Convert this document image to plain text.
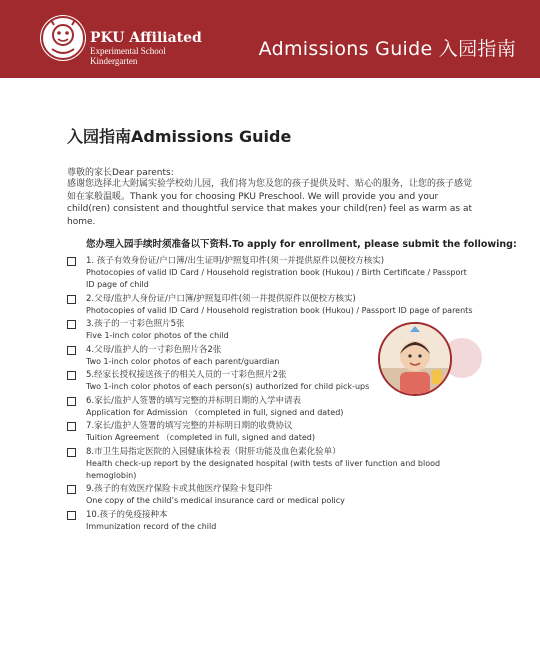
PKU Affiliated
Experimental School
Kindergarten
Admissions Guide 入园指南
入园指南Admissions Guide
尊敬的家长Dear parents:

感谢您选择北大附属实验学校幼儿园，我们将为您及您的孩子提供及时、贴心的服务，让您的孩子感觉如在家般温暖。Thank you for choosing PKU Preschool. We will provide you and your child(ren) consistent and thoughtful service that makes your child(ren) feel as warm as at home.

您办理入园手续时须准备以下资料.To apply for enrollment, please submit the following:
1. 孩子有效身份证/户口簿/出生证明/护照复印件(须一并提供原件以便校方核实)
Photocopies of valid ID Card / Household registration book (Hukou) / Birth Certificate / Passport ID page of child
2.父母/监护人身份证/户口簿/护照复印件(须一并提供原件以便校方核实)
Photocopies of valid ID Card / Household registration book (Hukou) / Passport ID page of parents
3.孩子的一寸彩色照片5张
Five 1-inch color photos of the child
4.父母/监护人的一寸彩色照片各2张
Two 1-inch color photos of each parent/guardian
5.经家长授权接送孩子的相关人员的一寸彩色照片2张
Two 1-inch color photos of each person(s) authorized for child pick-ups
6.家长/监护人签署的填写完整的并标明日期的入学申请表
Application for Admission （completed in full, signed and dated)
7.家长/监护人签署的填写完整的并标明日期的收费协议
Tuition Agreement （completed in full, signed and dated)
8.市卫生局指定医院的入园健康体检表（附肝功能及血色素化验单）
Health check-up report by the designated hospital (with tests of liver function and blood hemoglobin)
9.孩子的有效医疗保险卡或其他医疗保险卡复印件
One copy of the child’s medical insurance card or medical policy
10.孩子的免疫接种本
Immunization record of the child
